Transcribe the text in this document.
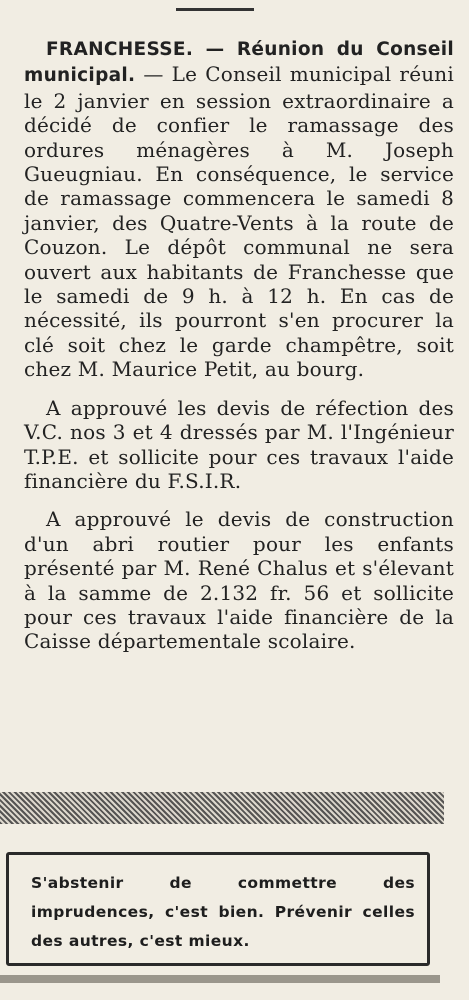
FRANCHESSE. — Réunion du Conseil municipal. — Le Conseil municipal réuni le 2 janvier en session extraordinaire a décidé de confier le ramassage des ordures ménagères à M. Joseph Gueugniau. En conséquence, le service de ramassage commencera le samedi 8 janvier, des Quatre-Vents à la route de Couzon. Le dépôt communal ne sera ouvert aux habitants de Franchesse que le samedi de 9 h. à 12 h. En cas de nécessité, ils pourront s'en procurer la clé soit chez le garde champêtre, soit chez M. Maurice Petit, au bourg.

A approuvé les devis de réfection des V.C. nos 3 et 4 dressés par M. l'Ingénieur T.P.E. et sollicite pour ces travaux l'aide financière du F.S.I.R.

A approuvé le devis de construction d'un abri routier pour les enfants présenté par M. René Chalus et s'élevant à la samme de 2.132 fr. 56 et sollicite pour ces travaux l'aide financière de la Caisse départementale scolaire.

S'abstenir de commettre des imprudences, c'est bien. Prévenir celles des autres, c'est mieux.
